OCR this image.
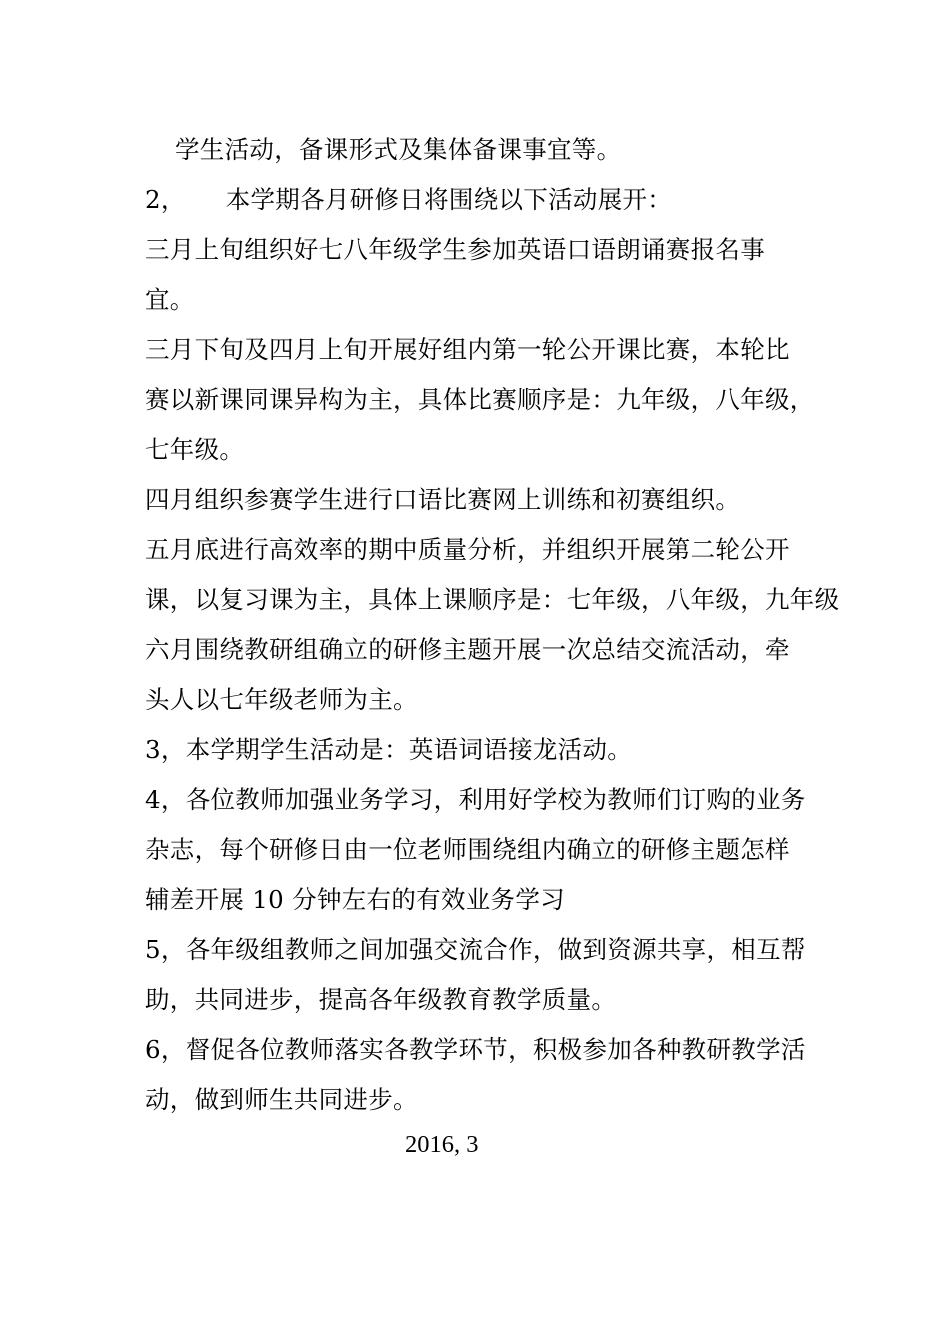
学生活动，备课形式及集体备课事宜等。
2， 本学期各月研修日将围绕以下活动展开：
三月上旬组织好七八年级学生参加英语口语朗诵赛报名事
宜。
三月下旬及四月上旬开展好组内第一轮公开课比赛，本轮比
赛以新课同课异构为主，具体比赛顺序是：九年级，八年级，
七年级。
四月组织参赛学生进行口语比赛网上训练和初赛组织。
五月底进行高效率的期中质量分析，并组织开展第二轮公开
课，以复习课为主，具体上课顺序是：七年级，八年级，九年级
六月围绕教研组确立的研修主题开展一次总结交流活动，牵
头人以七年级老师为主。
3，本学期学生活动是：英语词语接龙活动。
4，各位教师加强业务学习，利用好学校为教师们订购的业务
杂志，每个研修日由一位老师围绕组内确立的研修主题怎样
辅差开展 10 分钟左右的有效业务学习
5，各年级组教师之间加强交流合作，做到资源共享，相互帮
助，共同进步，提高各年级教育教学质量。
6，督促各位教师落实各教学环节，积极参加各种教研教学活
动，做到师生共同进步。
2016, 3
